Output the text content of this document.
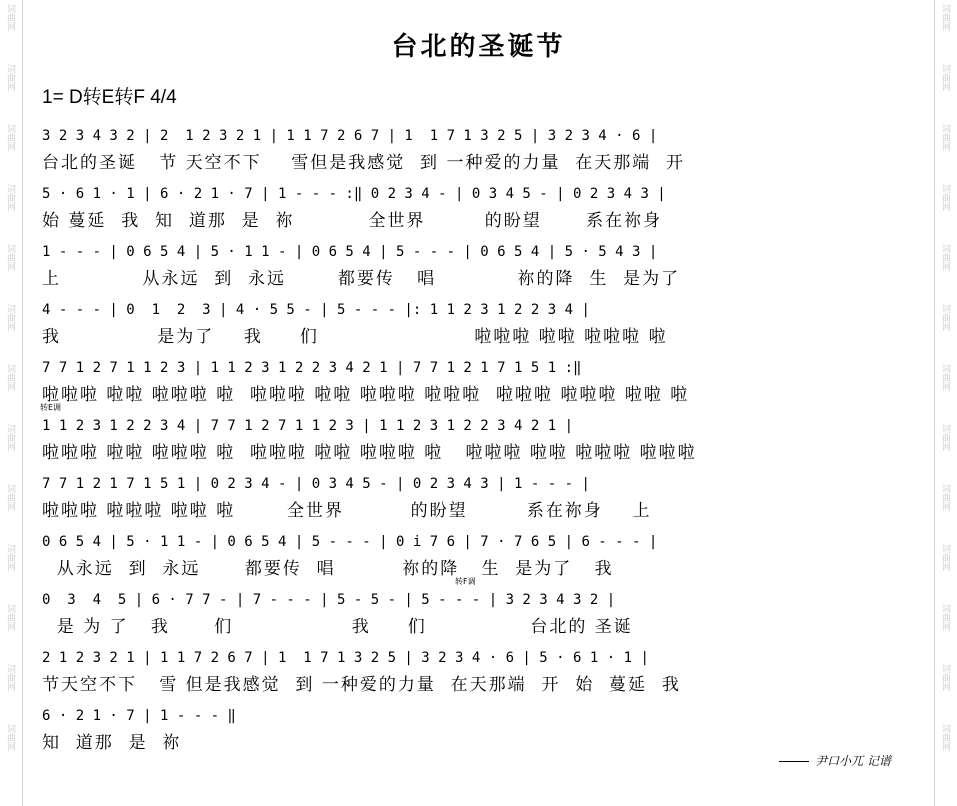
词曲网
词曲网
词曲网
词曲网
词曲网
词曲网
词曲网
词曲网
词曲网
词曲网
词曲网
词曲网
词曲网
词曲网
词曲网
词曲网
词曲网
词曲网
词曲网
词曲网
词曲网
词曲网
词曲网
词曲网
词曲网
词曲网
台北的圣诞节
1= D转E转F 4/4
3 2 3 4 3 2 | 2  1 2 3 2 1 | 1 1 7 2 6 7 | 1  1 7 1 3 2 5 | 3 2 3 4 · 6 |
台北的圣诞   节 天空不下    雪但是我感觉  到 一种爱的力量  在天那端  开
5 · 6 1 · 1 | 6 · 2 1 · 7 | 1 - - - :‖ 0 2 3 4 - | 0 3 4 5 - | 0 2 3 4 3 |
始 蔓延  我  知  道那  是  祢          全世界        的盼望      系在祢身
1 - - - | 0 6 5 4 | 5 · 1 1 - | 0 6 5 4 | 5 - - - | 0 6 5 4 | 5 · 5 4 3 |
上           从永远  到  永远       都要传   唱           祢的降  生  是为了
4 - - - | 0  1  2  3 | 4 · 5 5 - | 5 - - - |: 1 1 2 3 1 2 2 3 4 |
我             是为了    我     们                     啦啦啦 啦啦 啦啦啦 啦
7 7 1 2 7 1 1 2 3 | 1 1 2 3 1 2 2 3 4 2 1 | 7 7 1 2 1 7 1 5 1 :‖
啦啦啦 啦啦 啦啦啦 啦  啦啦啦 啦啦 啦啦啦 啦啦啦  啦啦啦 啦啦啦 啦啦 啦
1 1 2 3 1 2 2 3 4 | 7 7 1 2 7 1 1 2 3 | 1 1 2 3 1 2 2 3 4 2 1 |
啦啦啦 啦啦 啦啦啦 啦  啦啦啦 啦啦 啦啦啦 啦   啦啦啦 啦啦 啦啦啦 啦啦啦
转E调
7 7 1 2 1 7 1 5 1 | 0 2 3 4 - | 0 3 4 5 - | 0 2 3 4 3 | 1 - - - |
啦啦啦 啦啦啦 啦啦 啦       全世界         的盼望        系在祢身    上
0 6 5 4 | 5 · 1 1 - | 0 6 5 4 | 5 - - - | 0 i 7 6 | 7 · 7 6 5 | 6 - - - |
从永远  到  永远      都要传  唱         祢的降   生  是为了   我
0  3  4  5 | 6 · 7 7 - | 7 - - - | 5 - 5 - | 5 - - - | 3 2 3 4 3 2 |
是 为 了   我      们                我     们              台北的 圣诞
转F调
2 1 2 3 2 1 | 1 1 7 2 6 7 | 1  1 7 1 3 2 5 | 3 2 3 4 · 6 | 5 · 6 1 · 1 |
节天空不下   雪 但是我感觉  到 一种爱的力量  在天那端  开  始  蔓延  我
6 · 2 1 · 7 | 1 - - - ‖
知  道那  是  祢
尹口小兀 记谱
